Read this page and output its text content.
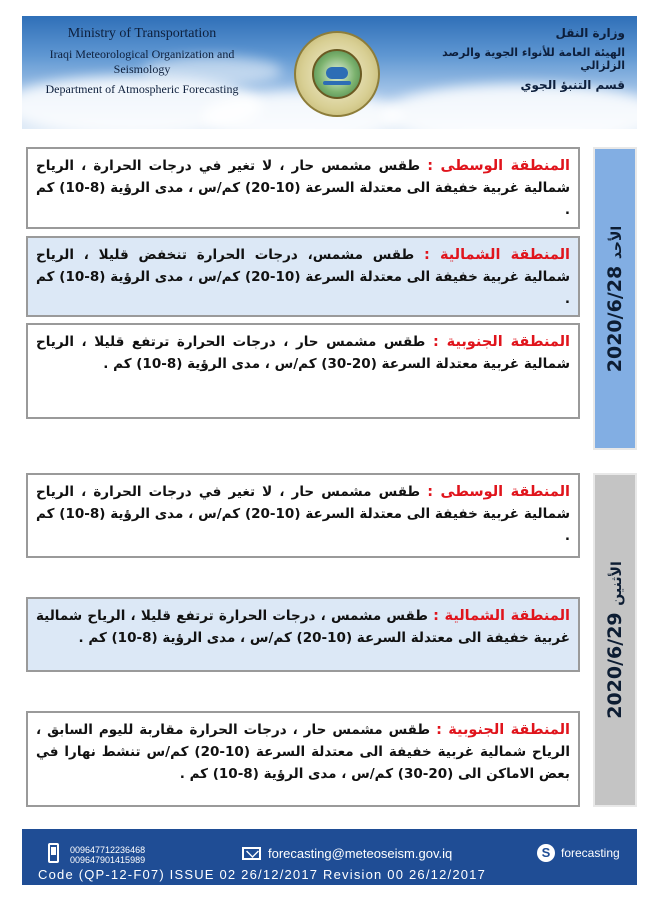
Ministry of Transportation
Iraqi Meteorological Organization and Seismology
Department of Atmospheric Forecasting
وزارة النقل
الهيئة العامة للأنواء الجوية والرصد الزلزالي
قسم التنبؤ الجوي
المنطقة الوسطى : طقس مشمس حار ، لا تغير في درجات الحرارة ، الرياح شمالية غربية خفيفة الى معتدلة السرعة (10-20) كم/س ، مدى الرؤية (8-10) كم .
المنطقة الشمالية : طقس مشمس، درجات الحرارة تنخفض قليلا ، الرياح شمالية غربية خفيفة الى معتدلة السرعة (10-20) كم/س ، مدى الرؤية (8-10) كم .
المنطقة الجنوبية : طقس مشمس حار ، درجات الحرارة ترتفع قليلا ، الرياح شمالية غربية معتدلة السرعة (20-30) كم/س ، مدى الرؤية (8-10) كم .	2020/6/28 الأحد
المنطقة الوسطى : طقس مشمس حار ، لا تغير في درجات الحرارة ، الرياح شمالية غربية خفيفة الى معتدلة السرعة (10-20) كم/س ، مدى الرؤية (8-10) كم .
المنطقة الشمالية : طقس مشمس ، درجات الحرارة ترتفع قليلا ، الرياح شمالية غربية خفيفة الى معتدلة السرعة (10-20) كم/س ، مدى الرؤية (8-10) كم .
المنطقة الجنوبية : طقس مشمس حار ، درجات الحرارة مقاربة لليوم السابق ، الرياح شمالية غربية خفيفة الى معتدلة السرعة (10-20) كم/س تنشط نهارا في بعض الاماكن الى (20-30) كم/س ، مدى الرؤية (8-10) كم .
2020/6/29 الأثنين
009647712236468
009647901415989	forecasting@meteoseism.gov.iq	S forecasting
Code (QP-12-F07) ISSUE 02 26/12/2017 Revision 00 26/12/2017
